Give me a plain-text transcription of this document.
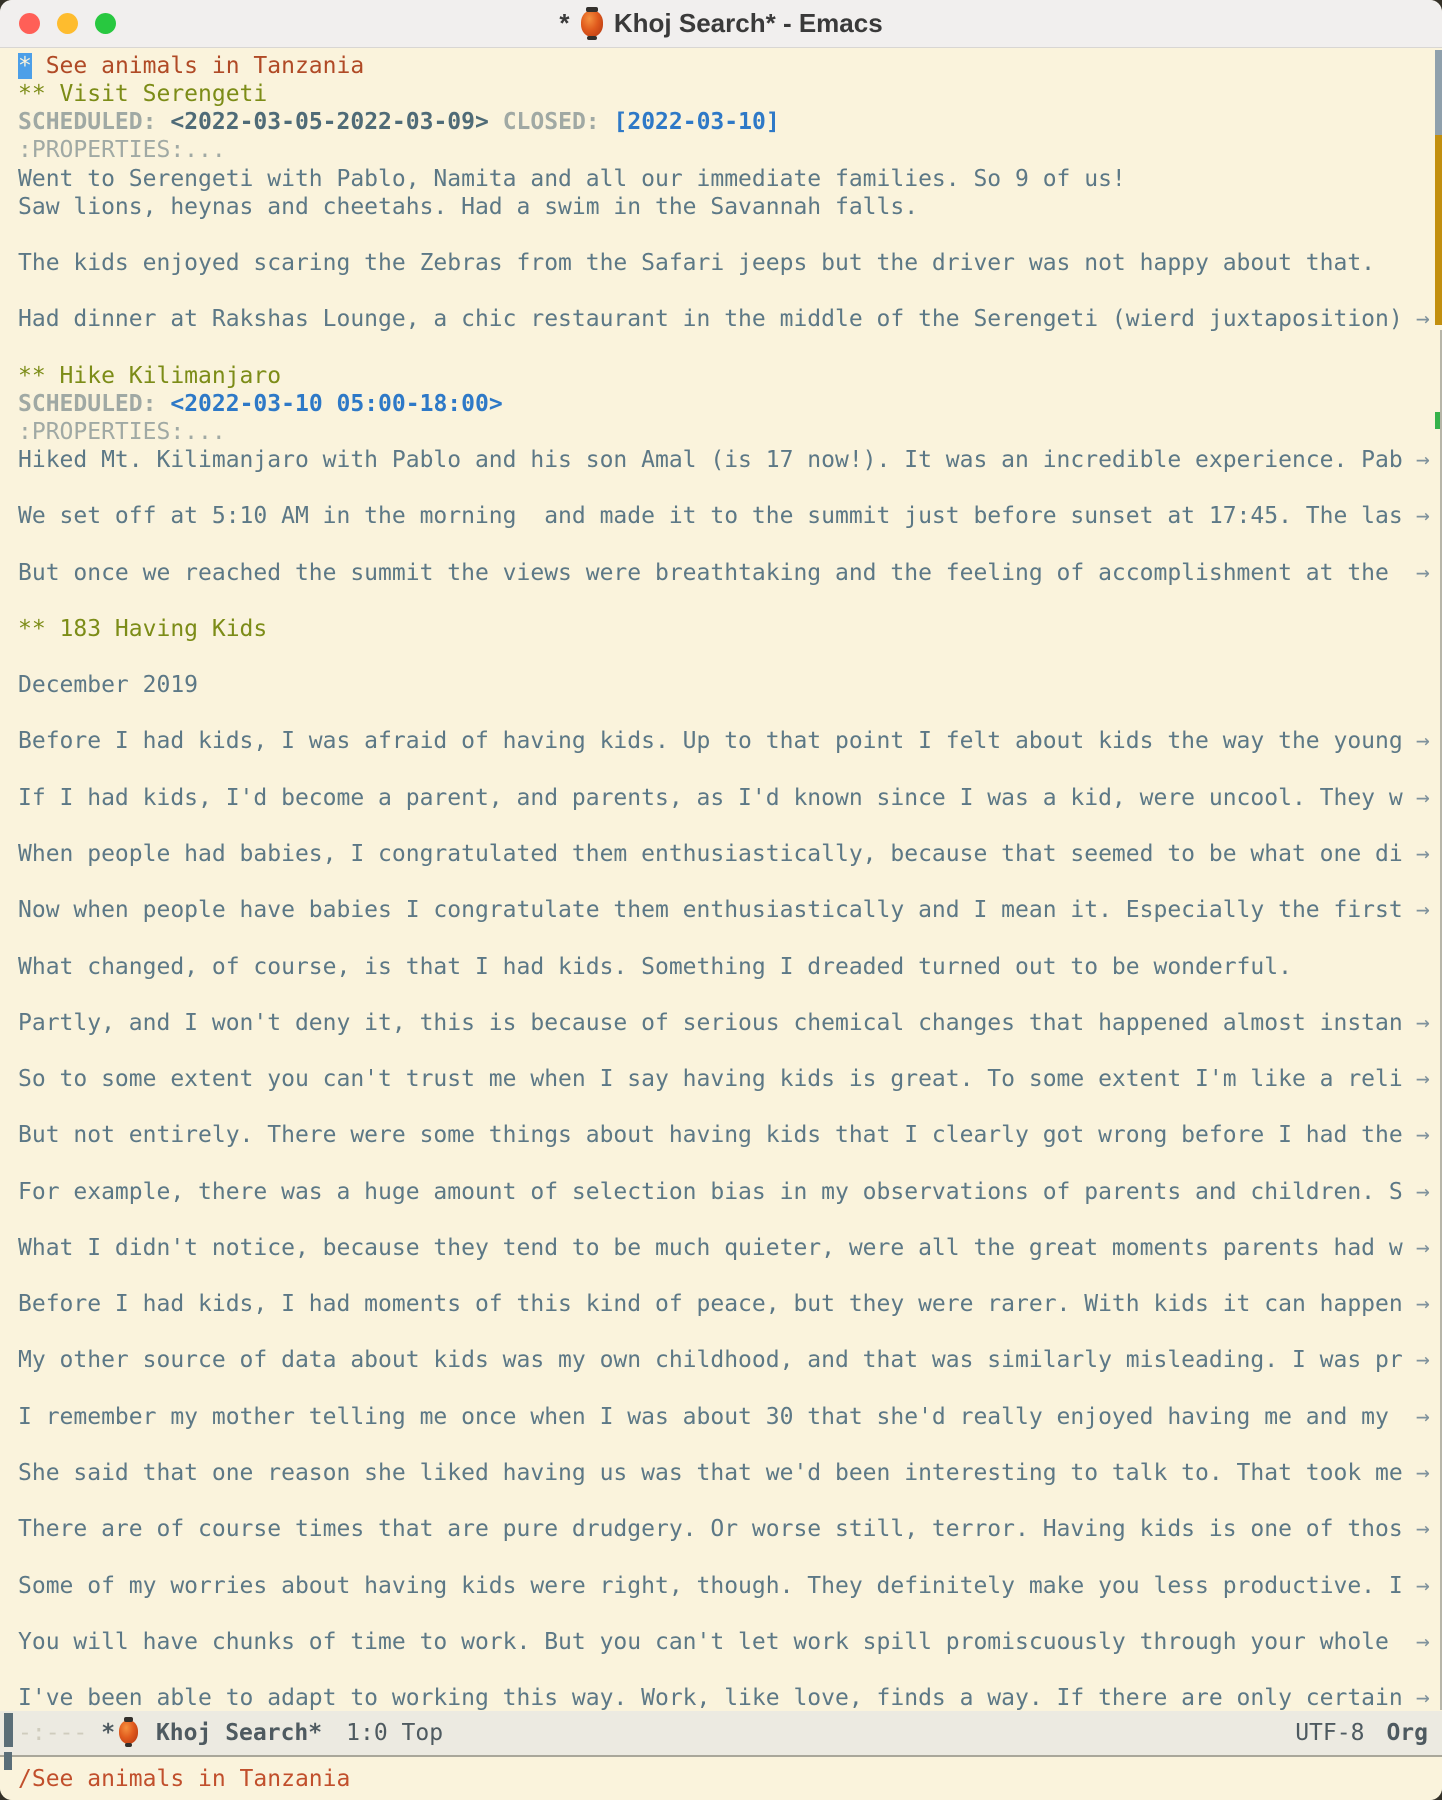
* Khoj Search* - Emacs
* See animals in Tanzania
** Visit Serengeti
SCHEDULED: <2022-03-05-2022-03-09> CLOSED: [2022-03-10]
:PROPERTIES:...
Went to Serengeti with Pablo, Namita and all our immediate families. So 9 of us!
Saw lions, heynas and cheetahs. Had a swim in the Savannah falls.
The kids enjoyed scaring the Zebras from the Safari jeeps but the driver was not happy about that.
Had dinner at Rakshas Lounge, a chic restaurant in the middle of the Serengeti (wierd juxtaposition) →
** Hike Kilimanjaro
SCHEDULED: <2022-03-10 05:00-18:00>
:PROPERTIES:...
Hiked Mt. Kilimanjaro with Pablo and his son Amal (is 17 now!). It was an incredible experience. Pab →
We set off at 5:10 AM in the morning  and made it to the summit just before sunset at 17:45. The las →
But once we reached the summit the views were breathtaking and the feeling of accomplishment at the →
** 183 Having Kids
December 2019
Before I had kids, I was afraid of having kids. Up to that point I felt about kids the way the young →
If I had kids, I'd become a parent, and parents, as I'd known since I was a kid, were uncool. They w →
When people had babies, I congratulated them enthusiastically, because that seemed to be what one di →
Now when people have babies I congratulate them enthusiastically and I mean it. Especially the first →
What changed, of course, is that I had kids. Something I dreaded turned out to be wonderful.
Partly, and I won't deny it, this is because of serious chemical changes that happened almost instan →
So to some extent you can't trust me when I say having kids is great. To some extent I'm like a reli →
But not entirely. There were some things about having kids that I clearly got wrong before I had the →
For example, there was a huge amount of selection bias in my observations of parents and children. S →
What I didn't notice, because they tend to be much quieter, were all the great moments parents had w →
Before I had kids, I had moments of this kind of peace, but they were rarer. With kids it can happen →
My other source of data about kids was my own childhood, and that was similarly misleading. I was pr →
I remember my mother telling me once when I was about 30 that she'd really enjoyed having me and my →
She said that one reason she liked having us was that we'd been interesting to talk to. That took me →
There are of course times that are pure drudgery. Or worse still, terror. Having kids is one of thos →
Some of my worries about having kids were right, though. They definitely make you less productive. I →
You will have chunks of time to work. But you can't let work spill promiscuously through your whole →
I've been able to adapt to working this way. Work, like love, finds a way. If there are only certain →
-:--- * Khoj Search* 1:0 Top	UTF-8 Org
/See animals in Tanzania
